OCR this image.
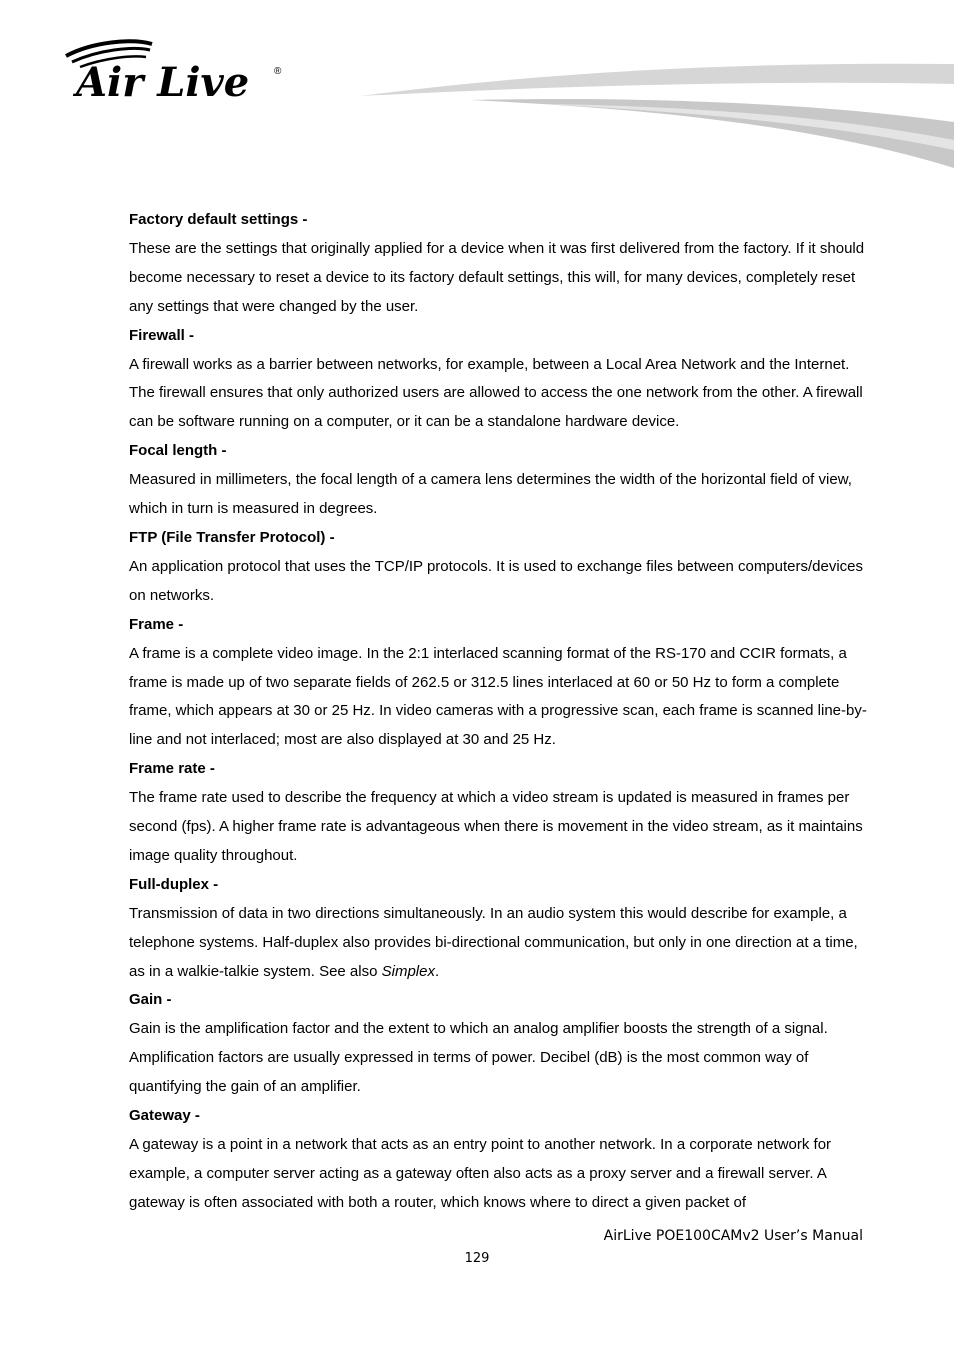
Air Live ®
Factory default settings -
These are the settings that originally applied for a device when it was first delivered from the factory. If it should become necessary to reset a device to its factory default settings, this will, for many devices, completely reset any settings that were changed by the user.
Firewall -
A firewall works as a barrier between networks, for example, between a Local Area Network and the Internet. The firewall ensures that only authorized users are allowed to access the one network from the other. A firewall can be software running on a computer, or it can be a standalone hardware device.
Focal length -
Measured in millimeters, the focal length of a camera lens determines the width of the horizontal field of view, which in turn is measured in degrees.
FTP (File Transfer Protocol) -
An application protocol that uses the TCP/IP protocols. It is used to exchange files between computers/devices on networks.
Frame -
A frame is a complete video image. In the 2:1 interlaced scanning format of the RS-170 and CCIR formats, a frame is made up of two separate fields of 262.5 or 312.5 lines interlaced at 60 or 50 Hz to form a complete frame, which appears at 30 or 25 Hz. In video cameras with a progressive scan, each frame is scanned line-by-line and not interlaced; most are also displayed at 30 and 25 Hz.
Frame rate -
The frame rate used to describe the frequency at which a video stream is updated is measured in frames per second (fps). A higher frame rate is advantageous when there is movement in the video stream, as it maintains image quality throughout.
Full-duplex -
Transmission of data in two directions simultaneously. In an audio system this would describe for example, a telephone systems. Half-duplex also provides bi-directional communication, but only in one direction at a time, as in a walkie-talkie system. See also Simplex.
Gain -
Gain is the amplification factor and the extent to which an analog amplifier boosts the strength of a signal. Amplification factors are usually expressed in terms of power. Decibel (dB) is the most common way of quantifying the gain of an amplifier.
Gateway -
A gateway is a point in a network that acts as an entry point to another network. In a corporate network for example, a computer server acting as a gateway often also acts as a proxy server and a firewall server. A gateway is often associated with both a router, which knows where to direct a given packet of
AirLive POE100CAMv2 User’s Manual
129
